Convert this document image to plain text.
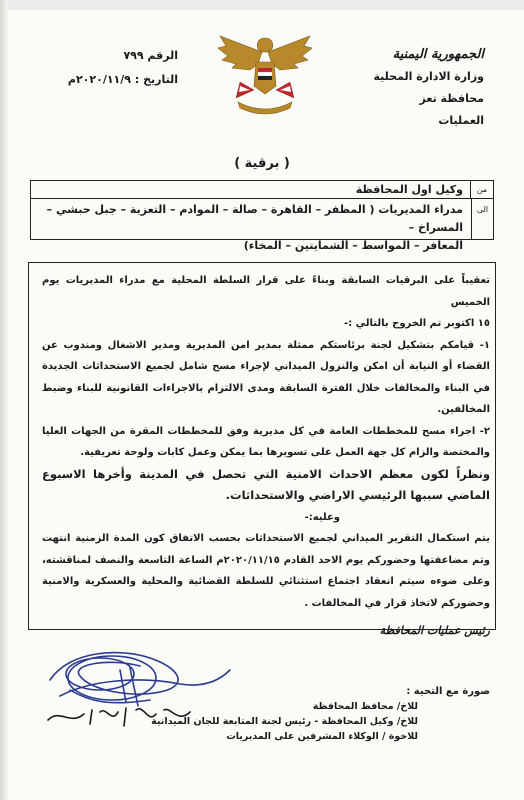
الجمهورية اليمنية
وزارة الادارة المحلية
محافظة تعز
العمليات
الرقم ٧٩٩
التاريخ : ٢٠٢٠/١١/٩م
( برقية )
من
وكيل اول المحافظة
الى
مدراء المديريات ( المظفر – القاهرة – صالة – الموادم – التعزية – جبل حبشي – المسراخ –
المعافر – المواسط – الشمايتين – المخاء)

تعقيباً على البرقيات السابقة وبناءً على قرار السلطة المحلية مع مدراء المديريات يوم الخميس

١٥ اكتوبر تم الخروج بالتالي :-

١- قيامكم بتشكيل لجنة برئاستكم ممثلة بمدير امن المديرية ومدير الاشغال ومندوب عن القضاء أو النيابة أن امكن والنزول الميداني لإجراء مسح شامل لجميع الاستحداثات الجديدة في البناء والمخالفات خلال الفترة السابقة ومدى الالتزام بالاجراءات القانونية للبناء وضبط المخالفين.

٢- اجراء مسح للمخططات العامة في كل مديرية وفق للمخططات المقرة من الجهات العليا والمختصة والزام كل جهة العمل على تسويرها بما يمكن وعمل كابات ولوحة تعريفية.

ونظراً لكون معظم الاحداث الامنية التي تحصل في المدينة وأخرها الاسبوع الماضي سببها الرئيسي الاراضي والاستحداثات.

وعليه:-

يتم استكمال التقرير الميداني لجميع الاستحداثات بحسب الاتفاق كون المدة الزمنية انتهت وتم مضاعفتها وحضوركم يوم الاحد القادم ٢٠٢٠/١١/١٥م الساعة التاسعة والنصف لمناقشته، وعلى ضوءه سيتم انعقاد اجتماع استثنائي للسلطة القضائية والمحلية والعسكرية والامنية وحضوركم لاتخاذ قرار في المخالفات .

رئيس عمليات المحافظة
صورة مع التحية :
للاخ/ محافظ المحافظة
للاخ/ وكيل المحافظة - رئيس لجنة المتابعة للجان الميدانية
للاخوة / الوكلاء المشرفين على المديريات
